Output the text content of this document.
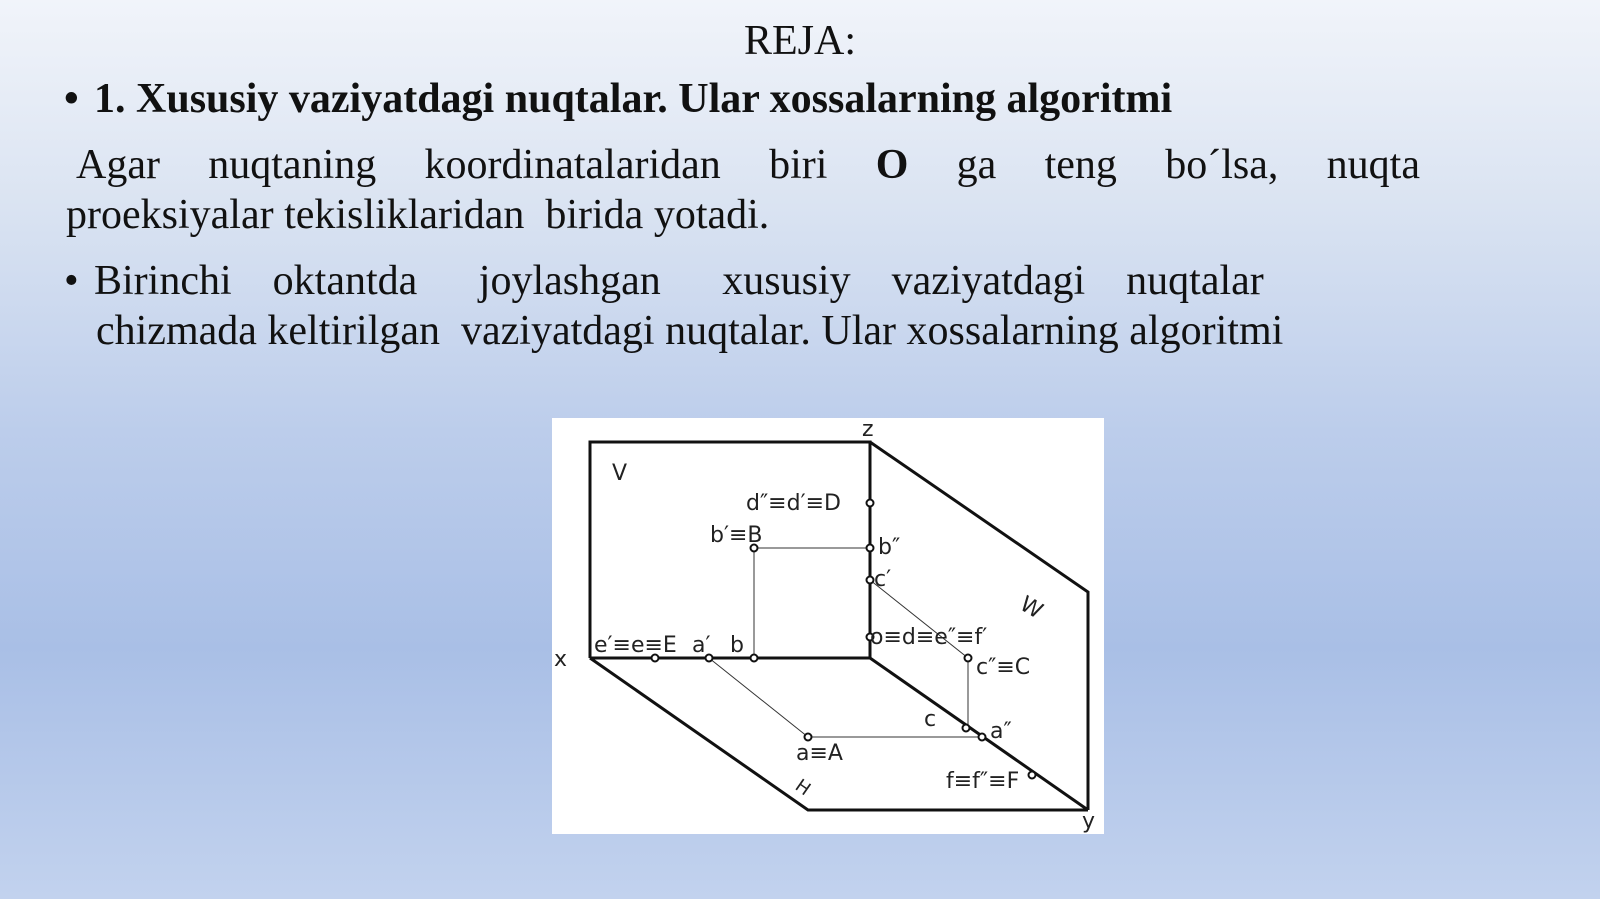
REJA:
• 1. Xususiy vaziyatdagi nuqtalar. Ular xossalarning algoritmi
Agar nuqtaning koordinatalaridan biri O ga teng bo´lsa, nuqta
proeksiyalar tekisliklaridan  birida yotadi.
• Birinchi  oktantda   joylashgan   xususiy  vaziyatdagi  nuqtalar
chizmada keltirilgan  vaziyatdagi nuqtalar. Ular xossalarning algoritmi
z
x
y
V
W
H
d″≡d′≡D
b′≡B	b″
c′
o≡d≡e″≡f′
c″≡C
e′≡e≡E a′ b
c a″
a≡A
f≡f″≡F
